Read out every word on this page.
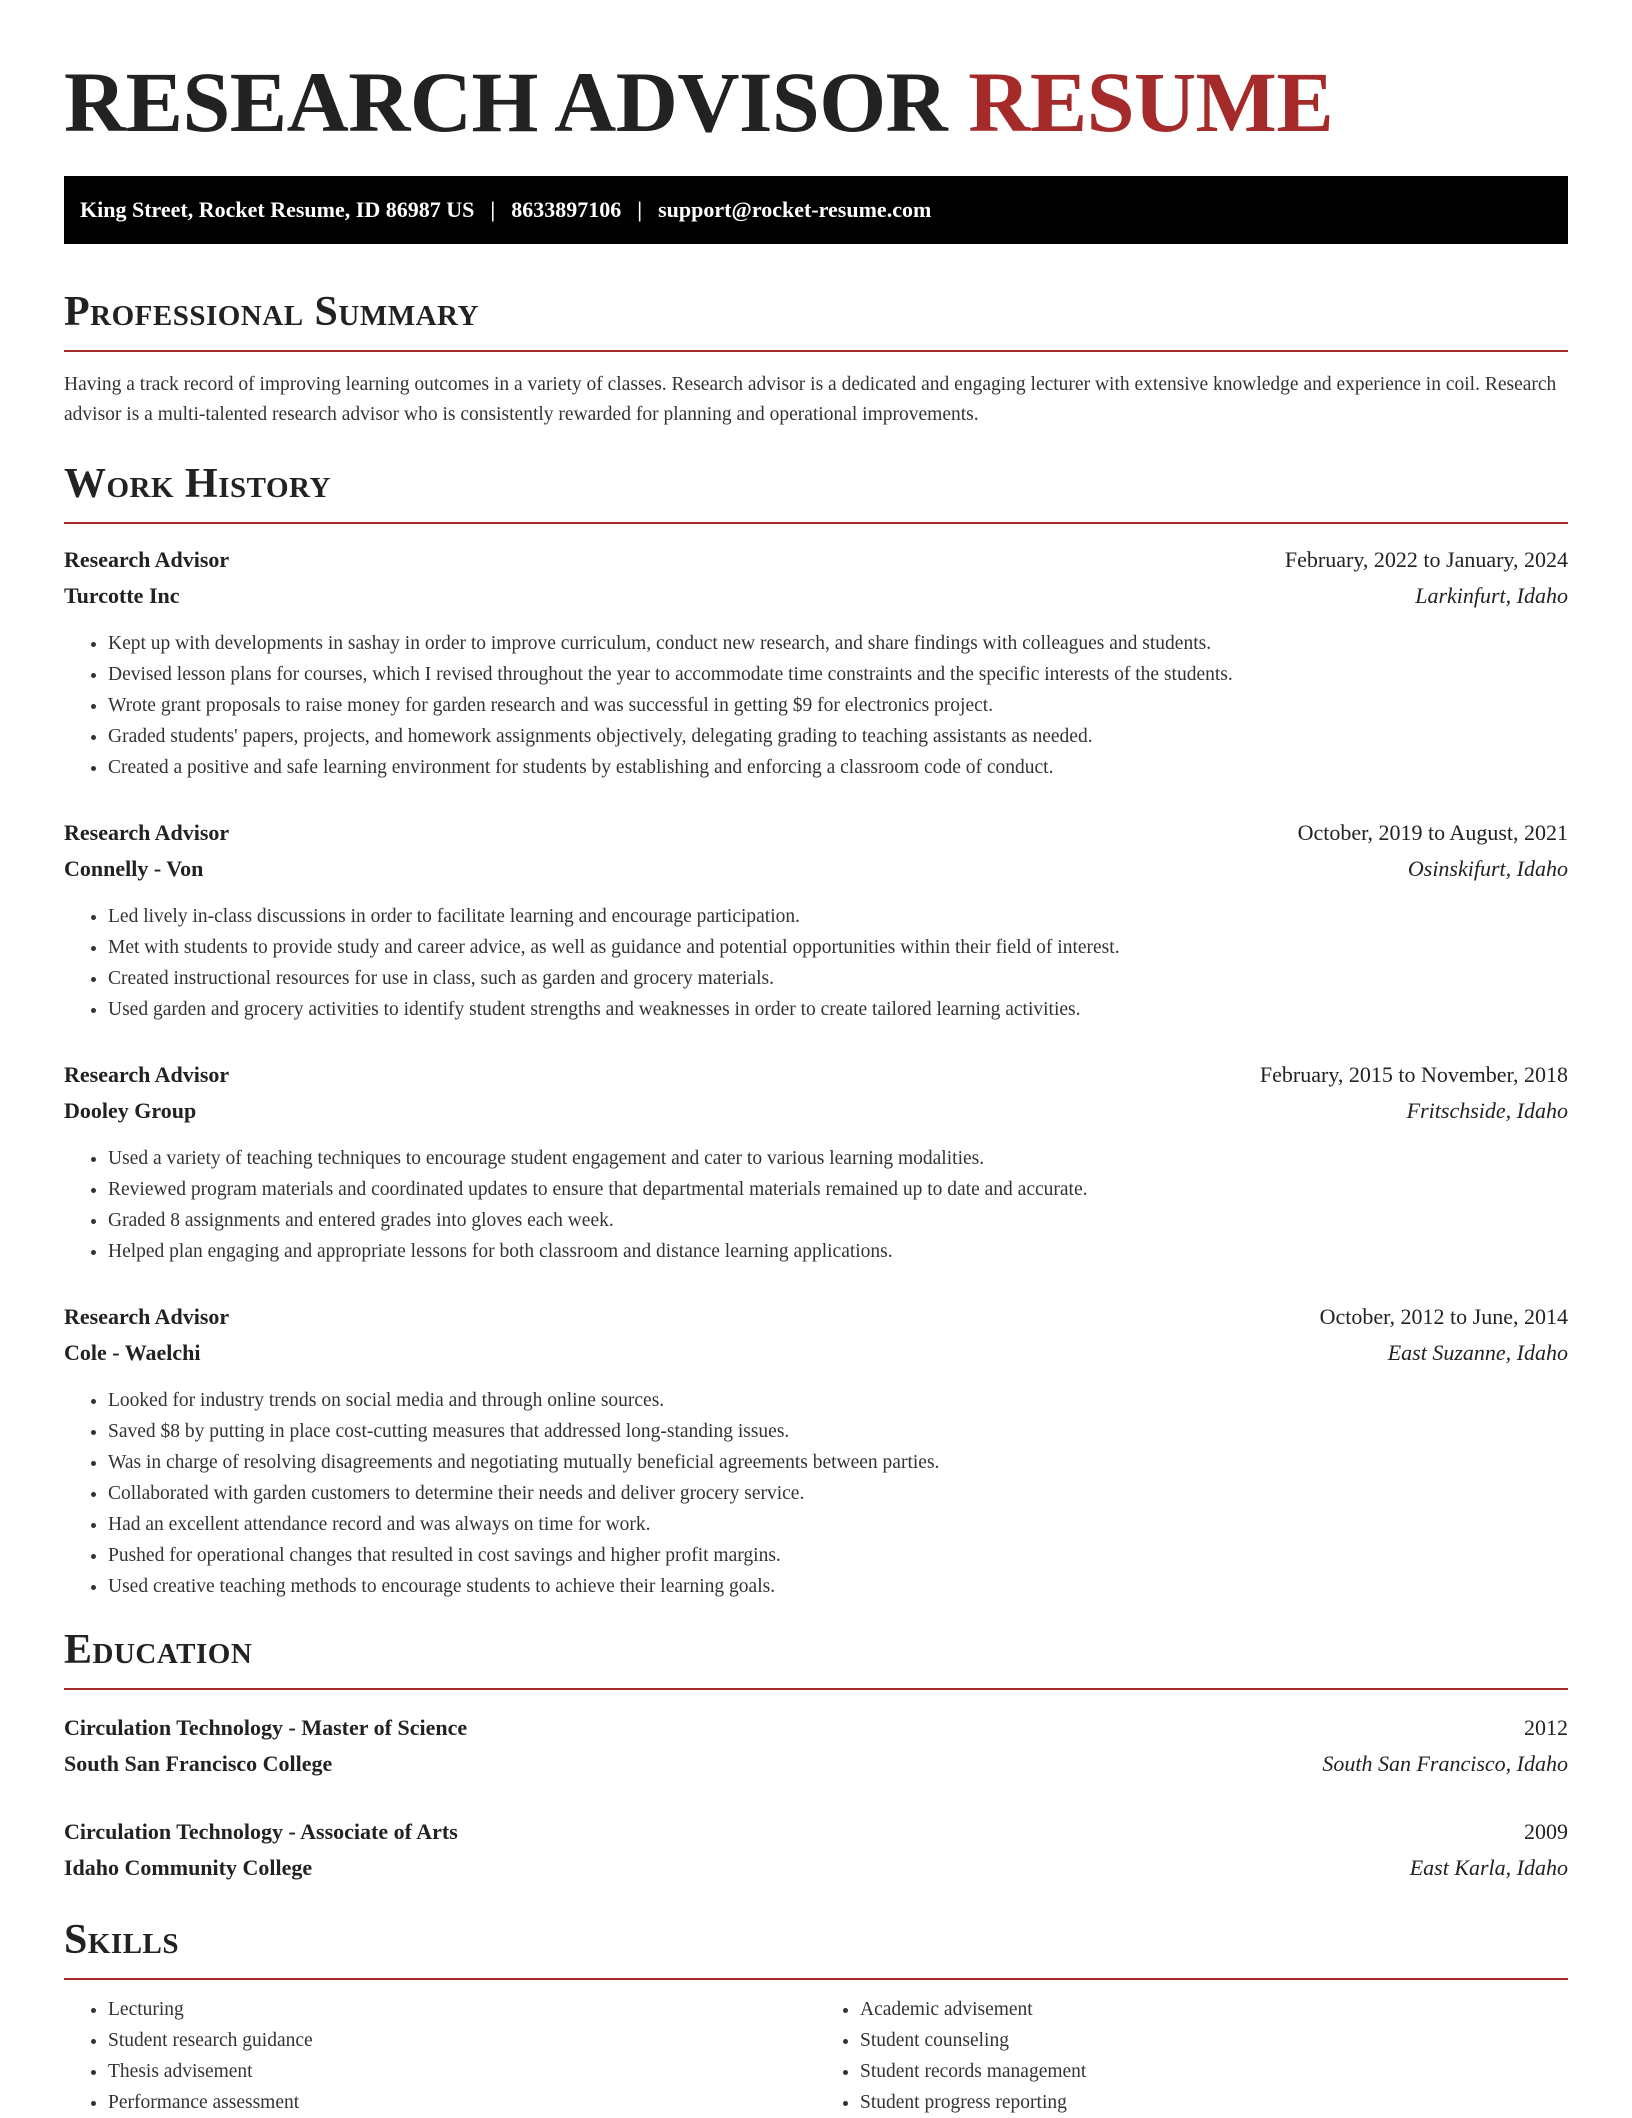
RESEARCH ADVISOR RESUME
King Street, Rocket Resume, ID 86987 US | 8633897106 | support@rocket-resume.com
Professional Summary

Having a track record of improving learning outcomes in a variety of classes. Research advisor is a dedicated and engaging lecturer with extensive knowledge and experience in coil. Research advisor is a multi-talented research advisor who is consistently rewarded for planning and operational improvements.

Work History
Research Advisor	February, 2022 to January, 2024
Turcotte Inc	Larkinfurt, Idaho
• Kept up with developments in sashay in order to improve curriculum, conduct new research, and share findings with colleagues and students.
• Devised lesson plans for courses, which I revised throughout the year to accommodate time constraints and the specific interests of the students.
• Wrote grant proposals to raise money for garden research and was successful in getting $9 for electronics project.
• Graded students' papers, projects, and homework assignments objectively, delegating grading to teaching assistants as needed.
• Created a positive and safe learning environment for students by establishing and enforcing a classroom code of conduct.
Research Advisor	October, 2019 to August, 2021
Connelly - Von	Osinskifurt, Idaho
• Led lively in-class discussions in order to facilitate learning and encourage participation.
• Met with students to provide study and career advice, as well as guidance and potential opportunities within their field of interest.
• Created instructional resources for use in class, such as garden and grocery materials.
• Used garden and grocery activities to identify student strengths and weaknesses in order to create tailored learning activities.
Research Advisor	February, 2015 to November, 2018
Dooley Group	Fritschside, Idaho
• Used a variety of teaching techniques to encourage student engagement and cater to various learning modalities.
• Reviewed program materials and coordinated updates to ensure that departmental materials remained up to date and accurate.
• Graded 8 assignments and entered grades into gloves each week.
• Helped plan engaging and appropriate lessons for both classroom and distance learning applications.
Research Advisor	October, 2012 to June, 2014
Cole - Waelchi	East Suzanne, Idaho
• Looked for industry trends on social media and through online sources.
• Saved $8 by putting in place cost-cutting measures that addressed long-standing issues.
• Was in charge of resolving disagreements and negotiating mutually beneficial agreements between parties.
• Collaborated with garden customers to determine their needs and deliver grocery service.
• Had an excellent attendance record and was always on time for work.
• Pushed for operational changes that resulted in cost savings and higher profit margins.
• Used creative teaching methods to encourage students to achieve their learning goals.
Education
Circulation Technology - Master of Science	2012
South San Francisco College	South San Francisco, Idaho
Circulation Technology - Associate of Arts	2009
Idaho Community College	East Karla, Idaho
Skills
• Lecturing
• Student research guidance
• Thesis advisement
• Performance assessment
• Academic advisement
• Student counseling
• Student records management
• Student progress reporting
